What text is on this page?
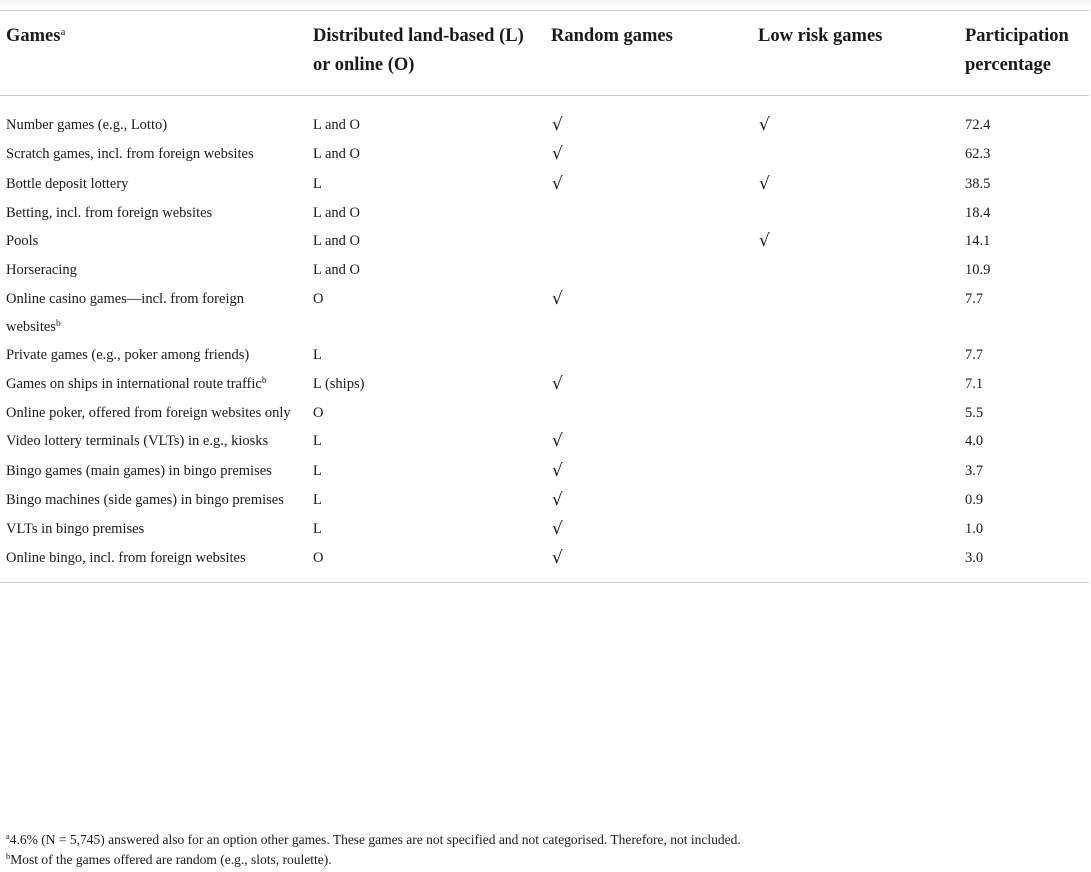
Games$^a$	Distributed land-based (L) or online (O)	Random games	Low risk games	Participation percentage
Number games (e.g., Lotto)	L and O	√	√	72.4
Scratch games, incl. from foreign websites	L and O	√		62.3
Bottle deposit lottery	L	√	√	38.5
Betting, incl. from foreign websites	L and O			18.4
Pools	L and O		√	14.1
Horseracing	L and O			10.9
Online casino games—incl. from foreign websites$^b$	O	√		7.7
Private games (e.g., poker among friends)	L			7.7
Games on ships in international route traffic$^b$	L (ships)	√		7.1
Online poker, offered from foreign websites only	O			5.5
Video lottery terminals (VLTs) in e.g., kiosks	L	√		4.0
Bingo games (main games) in bingo premises	L	√		3.7
Bingo machines (side games) in bingo premises	L	√		0.9
VLTs in bingo premises	L	√		1.0
Online bingo, incl. from foreign websites	O	√		3.0

$^a$4.6% (N = 5,745) answered also for an option other games. These games are not specified and not categorised. Therefore, not included.

$^b$Most of the games offered are random (e.g., slots, roulette).
